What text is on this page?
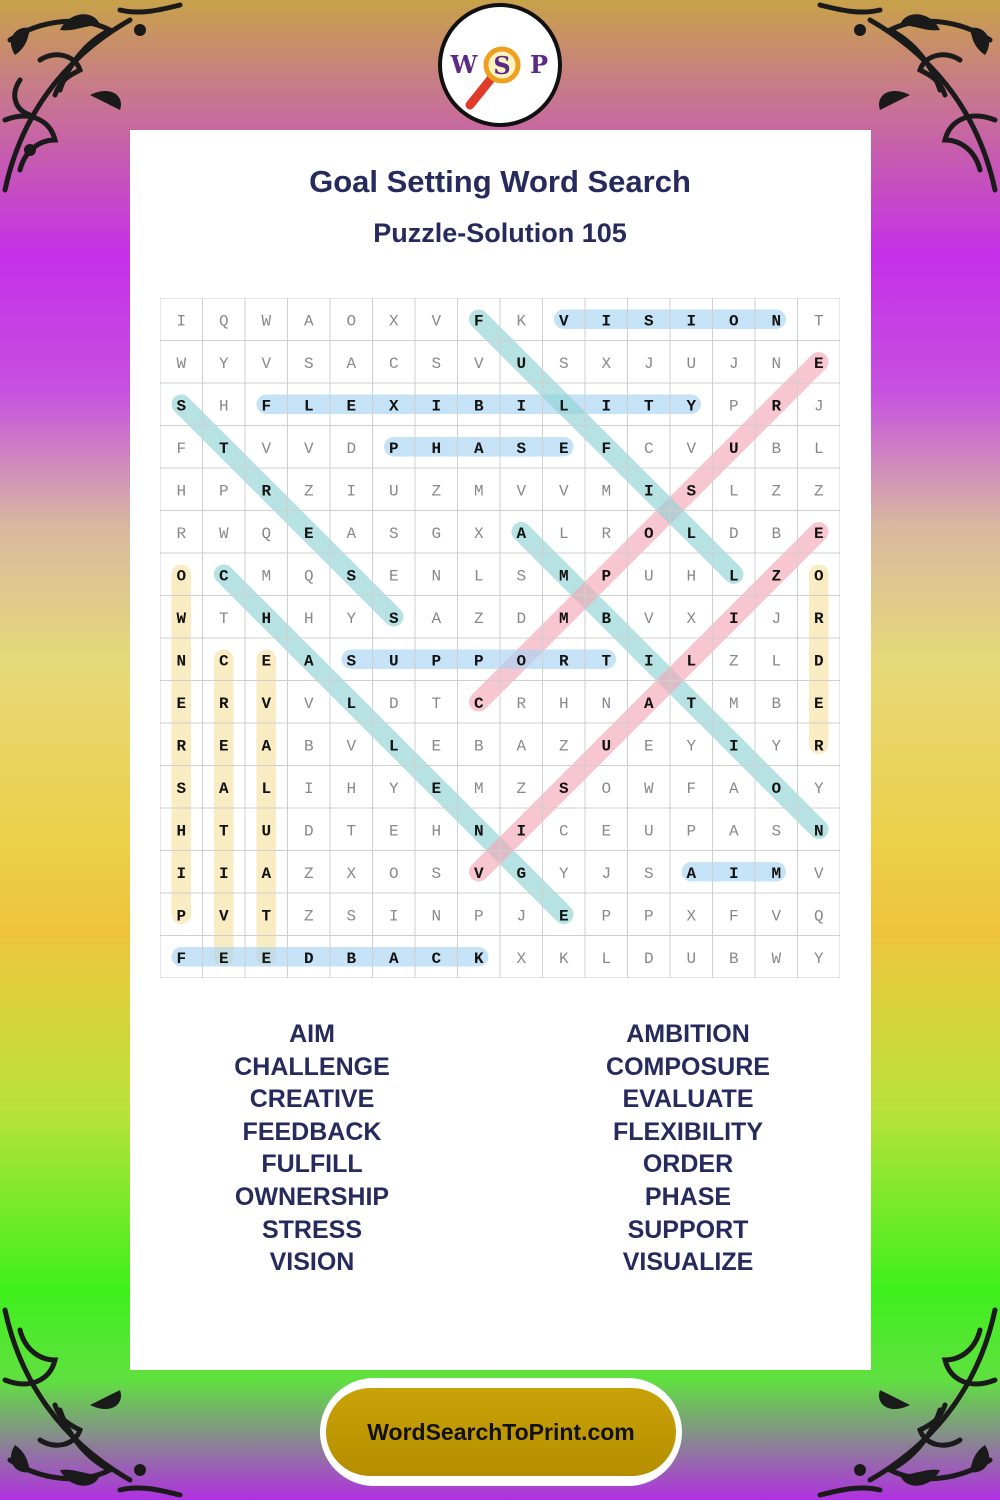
W S P
Goal Setting Word Search
Puzzle-Solution 105
I Q W A O X V F K V I S I O N T
W Y V S A C S V U S X J U J N E
S H F L E X I B I L I T Y P R J
F T V V D P H A S E F C V U B L
H P R Z I U Z M V V M I S L Z Z
R W Q E A S G X A L R O L D B E
O C M Q S E N L S M P U H L Z O
W T H H Y S A Z D M B V X I J R
N C E A S U P P O R T I L Z L D
E R V V L D T C R H N A T M B E
R E A B V L E B A Z U E Y I Y R
S A L I H Y E M Z S O W F A O Y
H T U D T E H N I C E U P A S N
I I A Z X O S V G Y J S A I M V
P V T Z S I N P J E P P X F V Q
F E E D B A C K X K L D U B W Y
AIM
CHALLENGE
CREATIVE
FEEDBACK
FULFILL
OWNERSHIP
STRESS
VISION
AMBITION
COMPOSURE
EVALUATE
FLEXIBILITY
ORDER
PHASE
SUPPORT
VISUALIZE
WordSearchToPrint.com
